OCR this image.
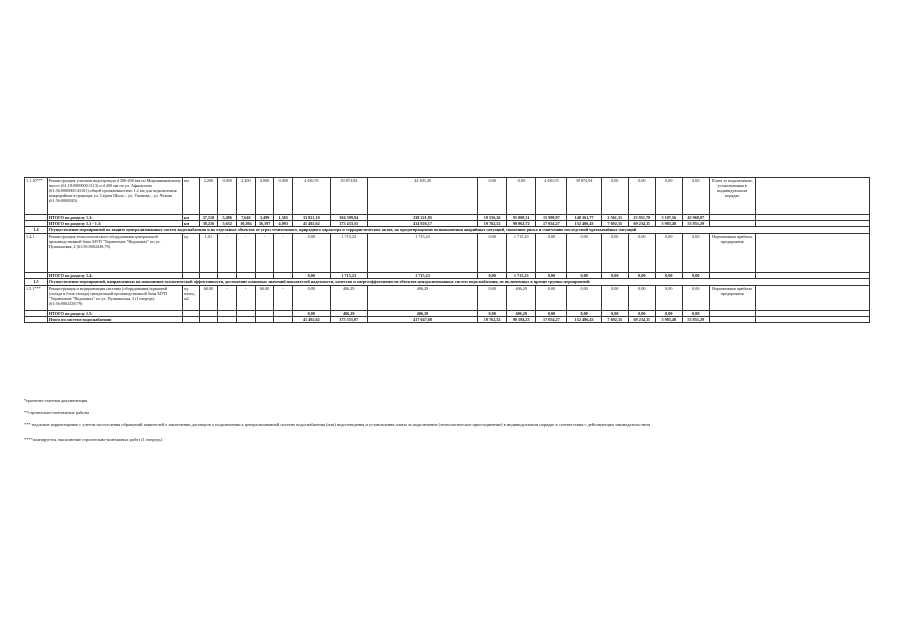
1.1.10***	Реконструкция участков водопровода d 300-400 мм по Мирошниковскому шоссе (61:18:0000000:1113) и d 400 мм по ул. Афанасьева (61:56:0000000:43101) общей протяженностью 1,2 км для подключения микрорайона в границах ул. Сергея Шило – ул. Ушакова – ул. Чехова (61:56:0000020)	км	2,200	0,000	2,200	0,000	0,000	4 430,55	39 874,94	44 305,49	0,00	0,00	4 430,55	39 874,94	0,00	0,00	0,00	0,00	Плата за подключение, установленная в индивидуальном порядке	
	ИТОГО по разделу 1.3:	км	37,510	5,486	7,646	3,499	1,565	33 821,10	304 399,94	338 221,05	19 556,26	95 008,31	15 999,97	140 361,77	2 561,31	23 951,79	5 107,56	45 968,87		
	ИТОГО по разделу 1.1 - 1.3:	км	38,216	5,632	10,294	36,197	4,093	41 492,62	373 433,55	414 926,17	19 762,52	98 062,72	17 054,27	152 486,43	7 692,35	69 234,11	5 983,48	53 851,29		
1.4	Осуществление мероприятий по защите централизованных систем водоснабжения и их отдельных объектов от угроз техногенного, природного характера и террористических актов, по предотвращению возникновения аварийных ситуаций, снижению риска и смягчению последствий чрезвычайных ситуаций																			
1.4.1	Реконструкция технологического оборудования центральной производственной базы МУП "Управление "Водоканал" по ул. Пушкинская, 2 (61:56:0002438:79)	ед.	1,01	-	-	-	-	0,00	1 715,23	1 715,23	0,00	1 715,23	0,00	0,00	0,00	0,00	0,00	0,00	Нормативная прибыль предприятия	
	ИТОГО по разделу 1.4:							0,00	1 715,23	1 715,23	0,00	1 715,23	0,00	0,00	0,00	0,00	0,00	0,00		
1.5	Осуществление мероприятий, направленных на повышение экологической эффективности, достижение плановых значений показателей надежности, качества и энергоэффективности объектов централизованных систем водоснабжения, не включенных в прочие группы мероприятий:																			
1.5.1***	Реконструкция и модернизация системы (оборудования) крановой (склада и блок-склада) центральной производственной базы МУП "Управление "Водоканал" по ул. Пушкинская, 2 (I очередь) (61:56:0002438:79)	ед. площ., м2	60,00	-	-	60,00	-	0,00	406,29	406,29	0,00	406,29	0,00	0,00	0,00	0,00	0,00	0,00	Нормативная прибыль предприятия	
	ИТОГО по разделу 1.5:							0,00	406,29	406,29	0,00	406,29	0,00	0,00	0,00	0,00	0,00	0,00		
	Итого по системе водоснабжения							41 492,62	375 555,07	417 047,68	19 762,52	98 584,23	17 054,27	152 486,43	7 692,35	69 234,11	5 983,48	53 851,29		
*проектно-сметная документация
**строительно-монтажные работы
*** подлежит корректировке с учетом поступления обращений заявителей о заключении договоров о подключении к централизованной системе водоснабжения (или) водоотведения и установления платы за подключение (технологическое присоединение) в индивидуальном порядке в соответствии с действующим законодательством
****планируется, выполнение строительно-монтажных работ (1 очередь)
